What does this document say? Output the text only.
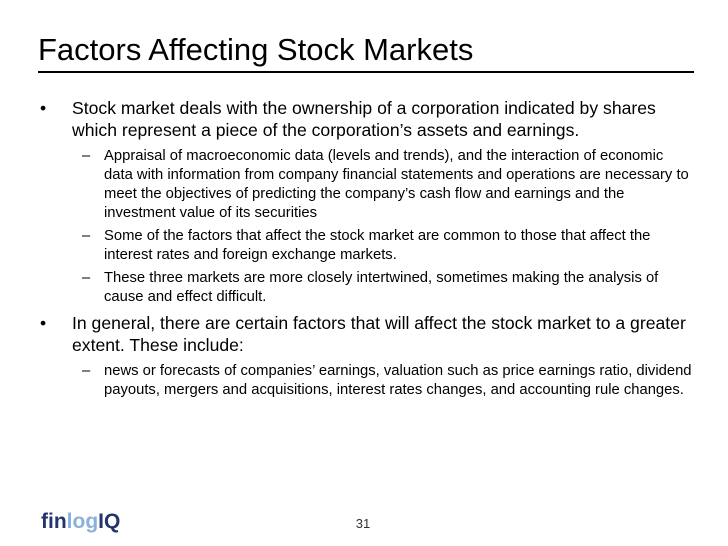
Factors Affecting Stock Markets
• Stock market deals with the ownership of a corporation indicated by shares which represent a piece of the corporation’s assets and earnings.
– Appraisal of macroeconomic data (levels and trends), and the interaction of economic data with information from company financial statements and operations are necessary to meet the objectives of predicting the company’s cash flow and earnings and the investment value of its securities
– Some of the factors that affect the stock market are common to those that affect the interest rates and foreign exchange markets.
– These three markets are more closely intertwined, sometimes making the analysis of cause and effect difficult.
• In general, there are certain factors that will affect the stock market to a greater extent. These include:
– news or forecasts of companies’ earnings, valuation such as price earnings ratio, dividend payouts, mergers and acquisitions, interest rates changes, and accounting rule changes.
finlogIQ	31
